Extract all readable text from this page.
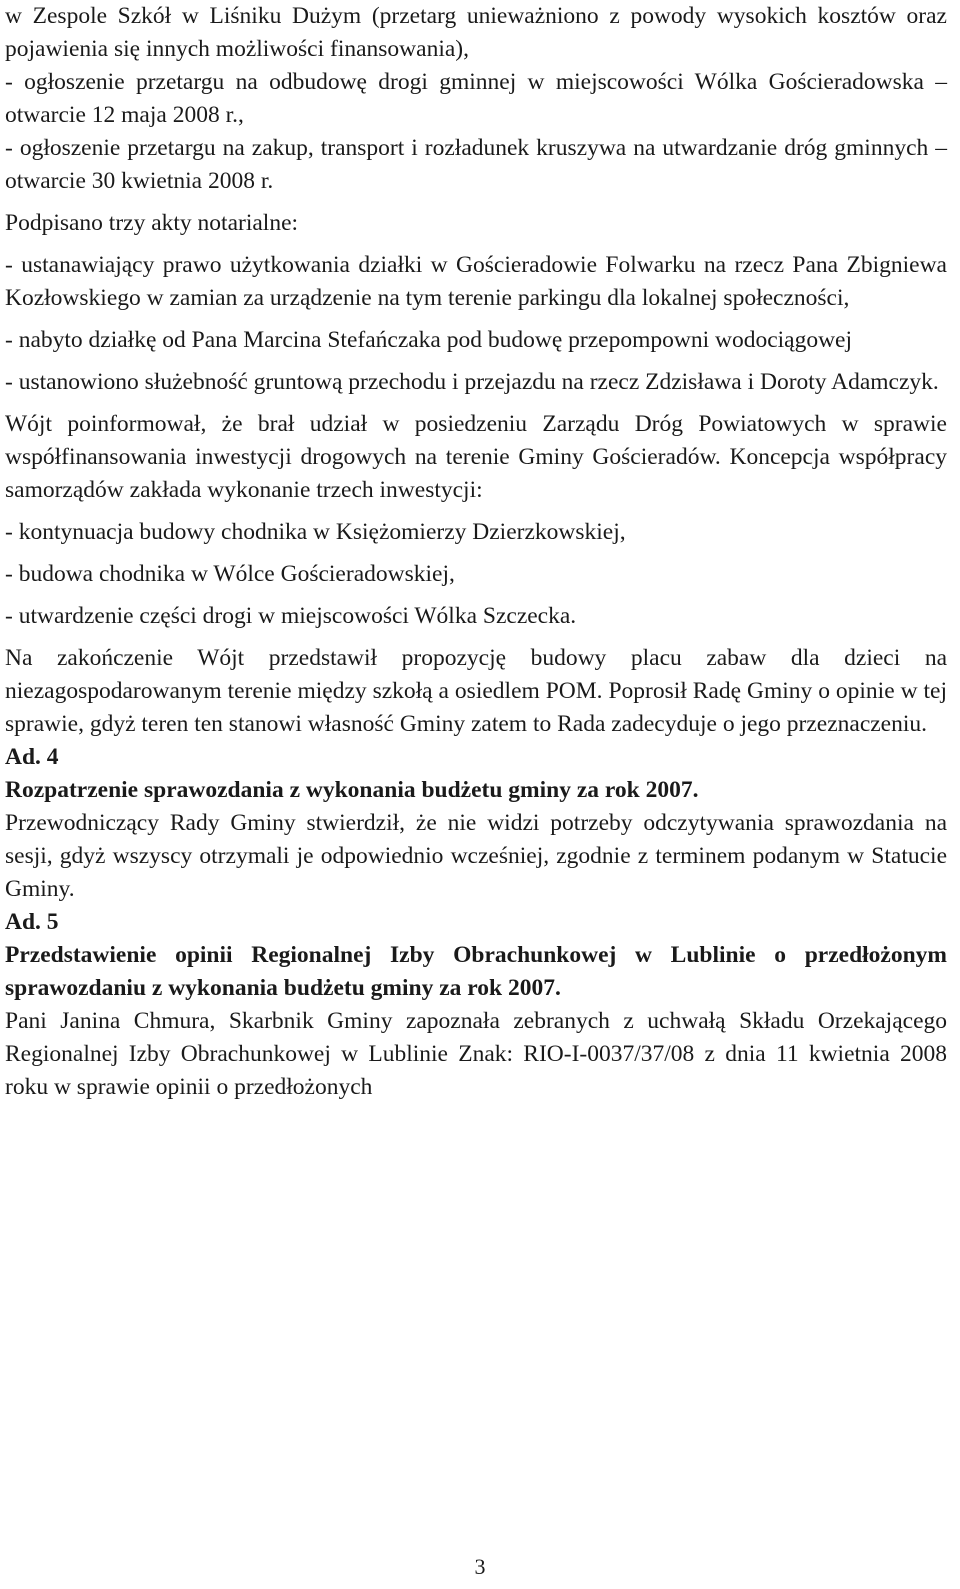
w Zespole Szkół w Liśniku Dużym (przetarg unieważniono z powody wysokich kosztów oraz pojawienia się innych możliwości finansowania),

- ogłoszenie przetargu na odbudowę drogi gminnej w miejscowości Wólka Gościeradowska – otwarcie 12 maja 2008 r.,

- ogłoszenie przetargu na zakup, transport i rozładunek kruszywa na utwardzanie dróg gminnych – otwarcie 30 kwietnia 2008 r.

Podpisano trzy akty notarialne:

- ustanawiający prawo użytkowania działki w Gościeradowie Folwarku na rzecz Pana Zbigniewa Kozłowskiego w zamian za urządzenie na tym terenie parkingu dla lokalnej społeczności,

- nabyto działkę od Pana Marcina Stefańczaka pod budowę przepompowni wodociągowej

- ustanowiono służebność gruntową przechodu i przejazdu na rzecz Zdzisława i Doroty Adamczyk.

Wójt poinformował, że brał udział w posiedzeniu Zarządu Dróg Powiatowych w sprawie współfinansowania inwestycji drogowych na terenie Gminy Gościeradów. Koncepcja współpracy samorządów zakłada wykonanie trzech inwestycji:

- kontynuacja budowy chodnika w Księżomierzy Dzierzkowskiej,

- budowa chodnika w Wólce Gościeradowskiej,

- utwardzenie części drogi w miejscowości Wólka Szczecka.

Na zakończenie Wójt przedstawił propozycję budowy placu zabaw dla dzieci na niezagospodarowanym terenie między szkołą a osiedlem POM. Poprosił Radę Gminy o opinie w tej sprawie, gdyż teren ten stanowi własność Gminy zatem to Rada zadecyduje o jego przeznaczeniu.

Ad. 4

Rozpatrzenie sprawozdania z wykonania budżetu gminy za rok 2007.

Przewodniczący Rady Gminy stwierdził, że nie widzi potrzeby odczytywania sprawozdania na sesji, gdyż wszyscy otrzymali je odpowiednio wcześniej, zgodnie z terminem podanym w Statucie Gminy.

Ad. 5

Przedstawienie opinii Regionalnej Izby Obrachunkowej w Lublinie o przedłożonym sprawozdaniu z wykonania budżetu gminy za rok 2007.

Pani Janina Chmura, Skarbnik Gminy zapoznała zebranych z uchwałą Składu Orzekającego Regionalnej Izby Obrachunkowej w Lublinie Znak: RIO-I-0037/37/08 z dnia 11 kwietnia 2008 roku w sprawie opinii o przedłożonych

3
